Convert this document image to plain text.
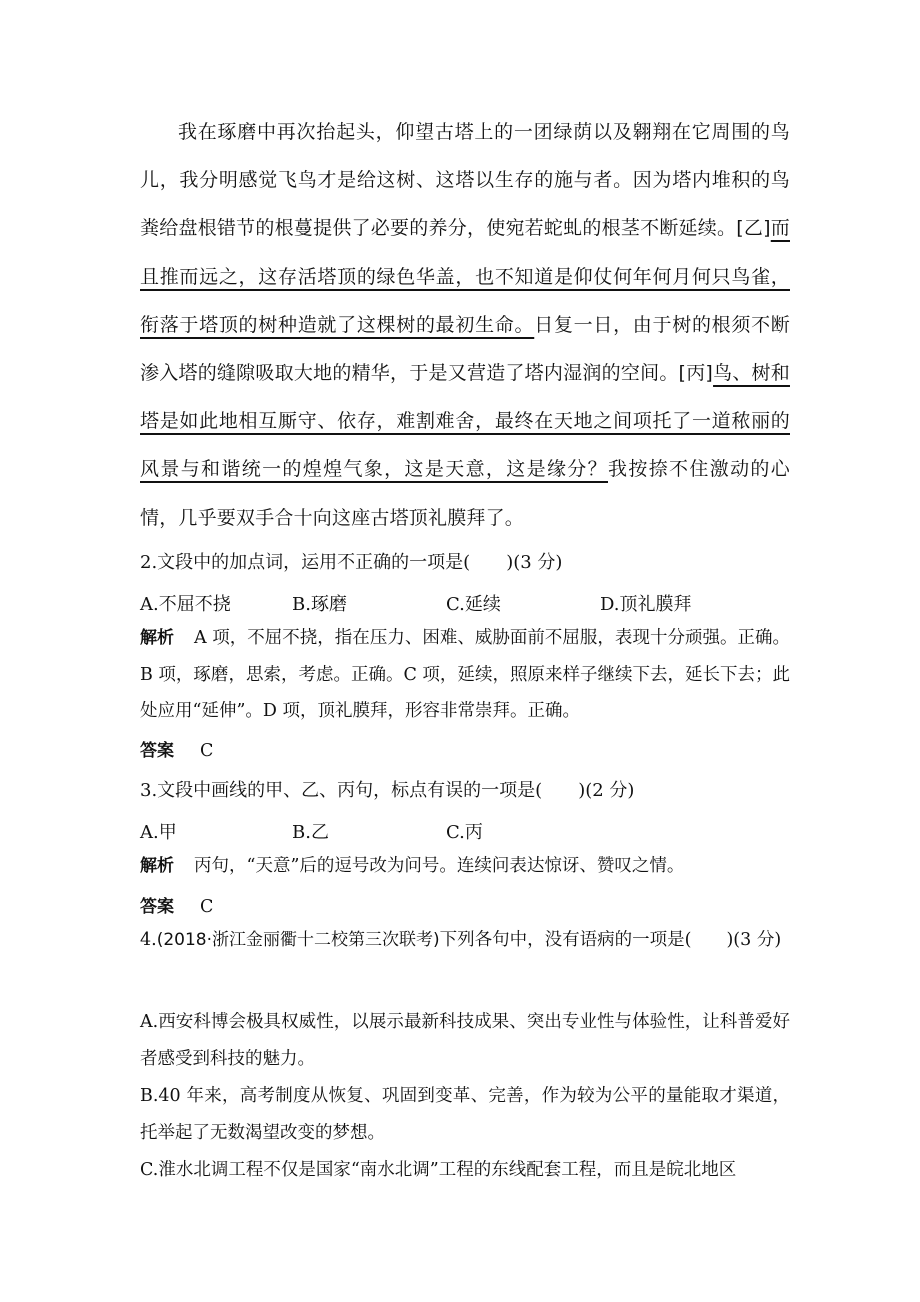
我在琢磨中再次抬起头，仰望古塔上的一团绿荫以及翱翔在它周围的鸟儿，我分明感觉飞鸟才是给这树、这塔以生存的施与者。因为塔内堆积的鸟粪给盘根错节的根蔓提供了必要的养分，使宛若蛇虬的根茎不断延续。[乙]而且推而远之，这存活塔顶的绿色华盖，也不知道是仰仗何年何月何只鸟雀，衔落于塔顶的树种造就了这棵树的最初生命。日复一日，由于树的根须不断渗入塔的缝隙吸取大地的精华，于是又营造了塔内湿润的空间。[丙]鸟、树和塔是如此地相互厮守、依存，难割难舍，最终在天地之间项托了一道秾丽的风景与和谐统一的煌煌气象，这是天意，这是缘分？我按捺不住激动的心情，几乎要双手合十向这座古塔顶礼膜拜了。

2.文段中的加点词，运用不正确的一项是(　　)(3 分)
A.不屈不挠	B.琢磨	C.延续	D.顶礼膜拜
解析 A 项，不屈不挠，指在压力、困难、威胁面前不屈服，表现十分顽强。正确。B 项，琢磨，思索，考虑。正确。C 项，延续，照原来样子继续下去，延长下去；此处应用“延伸”。D 项，顶礼膜拜，形容非常崇拜。正确。
答案 C
3.文段中画线的甲、乙、丙句，标点有误的一项是(　　)(2 分)
A.甲	B.乙	C.丙
解析 丙句，“天意”后的逗号改为问号。连续问表达惊讶、赞叹之情。
答案 C
4.(2018·浙江金丽衢十二校第三次联考)下列各句中，没有语病的一项是(　　)(3 分)
A.西安科博会极具权威性，以展示最新科技成果、突出专业性与体验性，让科普爱好者感受到科技的魅力。
B.40 年来，高考制度从恢复、巩固到变革、完善，作为较为公平的量能取才渠道，托举起了无数渴望改变的梦想。
C.淮水北调工程不仅是国家“南水北调”工程的东线配套工程，而且是皖北地区
